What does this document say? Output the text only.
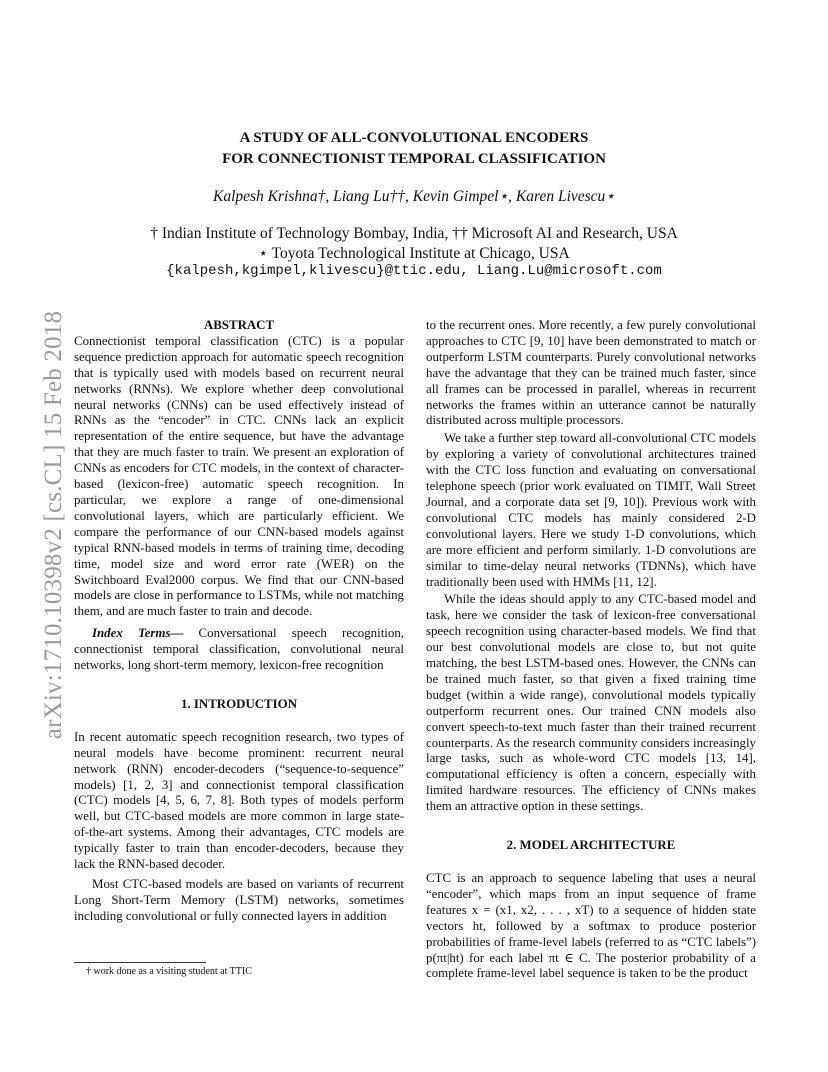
arXiv:1710.10398v2 [cs.CL] 15 Feb 2018
A STUDY OF ALL-CONVOLUTIONAL ENCODERS
FOR CONNECTIONIST TEMPORAL CLASSIFICATION
Kalpesh Krishna†, Liang Lu††, Kevin Gimpel⋆, Karen Livescu⋆
† Indian Institute of Technology Bombay, India, †† Microsoft AI and Research, USA
⋆ Toyota Technological Institute at Chicago, USA
{kalpesh,kgimpel,klivescu}@ttic.edu, Liang.Lu@microsoft.com

ABSTRACT

Connectionist temporal classification (CTC) is a popular sequence prediction approach for automatic speech recognition that is typically used with models based on recurrent neural networks (RNNs). We explore whether deep convolutional neural networks (CNNs) can be used effectively instead of RNNs as the “encoder” in CTC. CNNs lack an explicit representation of the entire sequence, but have the advantage that they are much faster to train. We present an exploration of CNNs as encoders for CTC models, in the context of character-based (lexicon-free) automatic speech recognition. In particular, we explore a range of one-dimensional convolutional layers, which are particularly efficient. We compare the performance of our CNN-based models against typical RNN-based models in terms of training time, decoding time, model size and word error rate (WER) on the Switchboard Eval2000 corpus. We find that our CNN-based models are close in performance to LSTMs, while not matching them, and are much faster to train and decode.

Index Terms— Conversational speech recognition, connectionist temporal classification, convolutional neural networks, long short-term memory, lexicon-free recognition

1. INTRODUCTION

In recent automatic speech recognition research, two types of neural models have become prominent: recurrent neural network (RNN) encoder-decoders (“sequence-to-sequence” models) [1, 2, 3] and connectionist temporal classification (CTC) models [4, 5, 6, 7, 8]. Both types of models perform well, but CTC-based models are more common in large state-of-the-art systems. Among their advantages, CTC models are typically faster to train than encoder-decoders, because they lack the RNN-based decoder.

Most CTC-based models are based on variants of recurrent Long Short-Term Memory (LSTM) networks, sometimes including convolutional or fully connected layers in addition

to the recurrent ones. More recently, a few purely convolutional approaches to CTC [9, 10] have been demonstrated to match or outperform LSTM counterparts. Purely convolutional networks have the advantage that they can be trained much faster, since all frames can be processed in parallel, whereas in recurrent networks the frames within an utterance cannot be naturally distributed across multiple processors.

We take a further step toward all-convolutional CTC models by exploring a variety of convolutional architectures trained with the CTC loss function and evaluating on conversational telephone speech (prior work evaluated on TIMIT, Wall Street Journal, and a corporate data set [9, 10]). Previous work with convolutional CTC models has mainly considered 2-D convolutional layers. Here we study 1-D convolutions, which are more efficient and perform similarly. 1-D convolutions are similar to time-delay neural networks (TDNNs), which have traditionally been used with HMMs [11, 12].

While the ideas should apply to any CTC-based model and task, here we consider the task of lexicon-free conversational speech recognition using character-based models. We find that our best convolutional models are close to, but not quite matching, the best LSTM-based ones. However, the CNNs can be trained much faster, so that given a fixed training time budget (within a wide range), convolutional models typically outperform recurrent ones. Our trained CNN models also convert speech-to-text much faster than their trained recurrent counterparts. As the research community considers increasingly large tasks, such as whole-word CTC models [13, 14], computational efficiency is often a concern, especially with limited hardware resources. The efficiency of CNNs makes them an attractive option in these settings.

2. MODEL ARCHITECTURE

CTC is an approach to sequence labeling that uses a neural “encoder”, which maps from an input sequence of frame features x = (x1, x2, . . . , xT) to a sequence of hidden state vectors ht, followed by a softmax to produce posterior probabilities of frame-level labels (referred to as “CTC labels”) p(πt|ht) for each label πt ∈ C. The posterior probability of a complete frame-level label sequence is taken to be the product

† work done as a visiting student at TTIC
